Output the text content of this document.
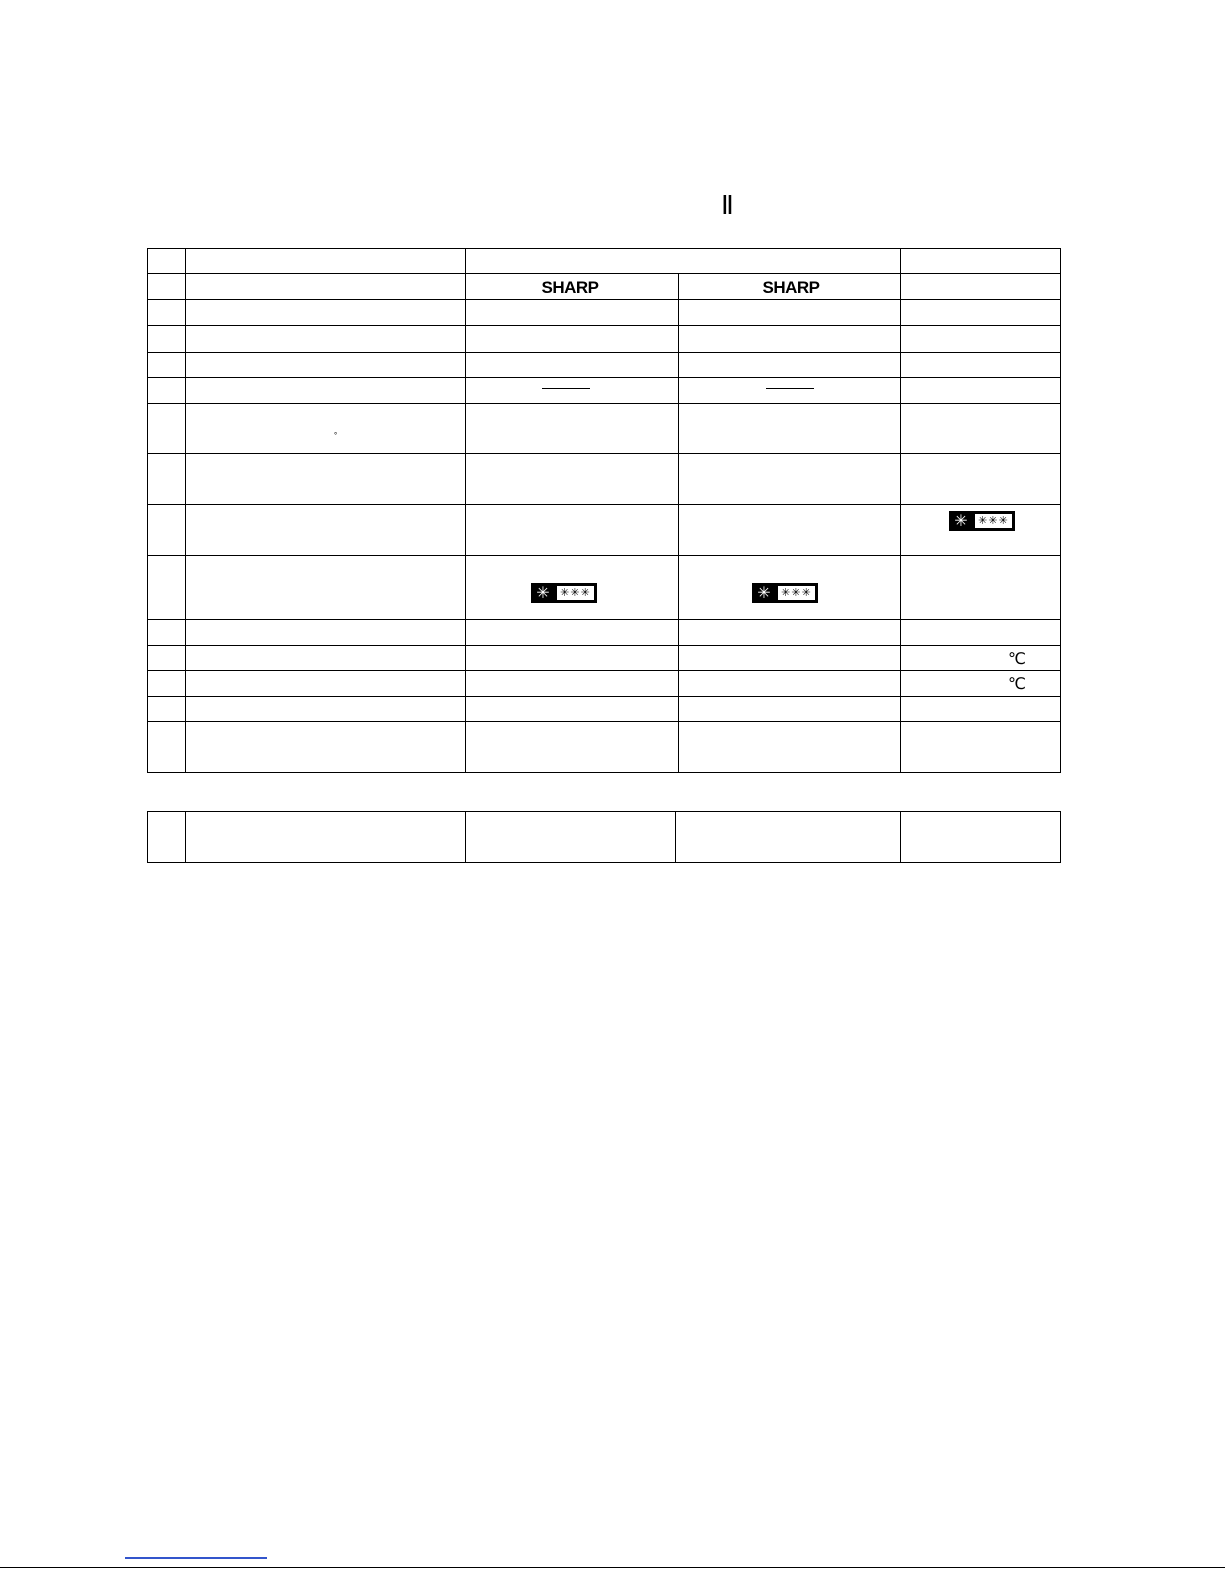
Ⅱ
SHARP	SHARP
°
✳ ✳✳✳
✳ ✳✳✳	✳ ✳✳✳
℃
℃
